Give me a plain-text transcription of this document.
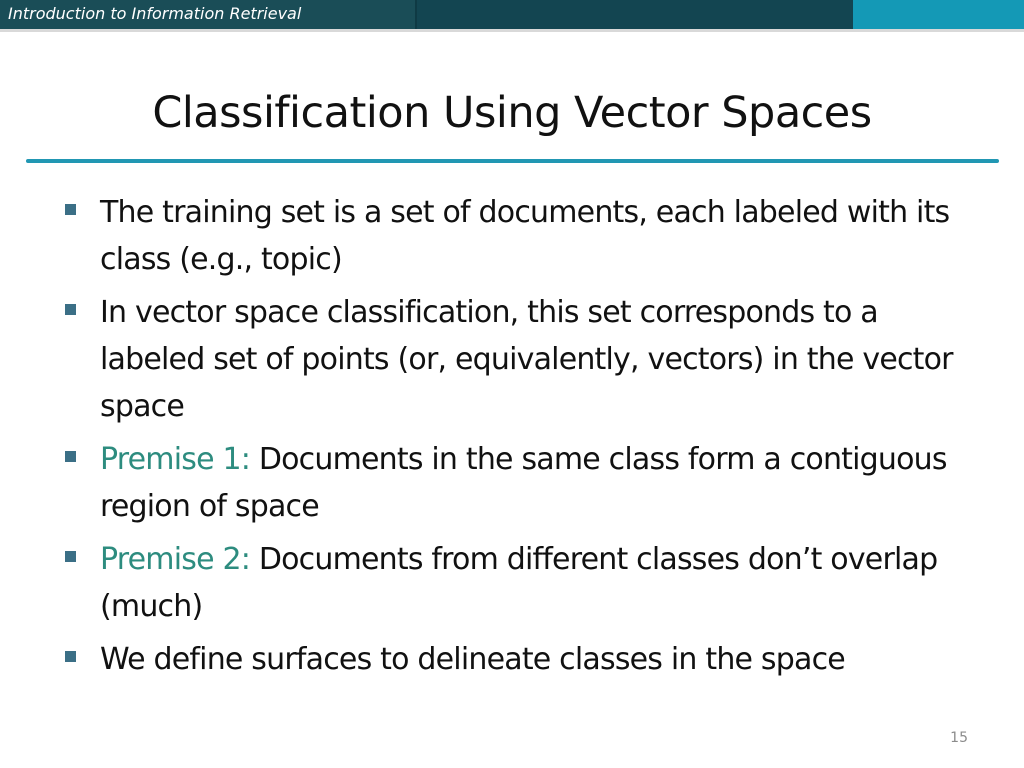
Introduction to Information Retrieval
Classification Using Vector Spaces
The training set is a set of documents, each labeled with its class (e.g., topic)
In vector space classification, this set corresponds to a labeled set of points (or, equivalently, vectors) in the vector space
Premise 1: Documents in the same class form a contiguous region of space
Premise 2: Documents from different classes don’t overlap (much)
We define surfaces to delineate classes in the space
15
